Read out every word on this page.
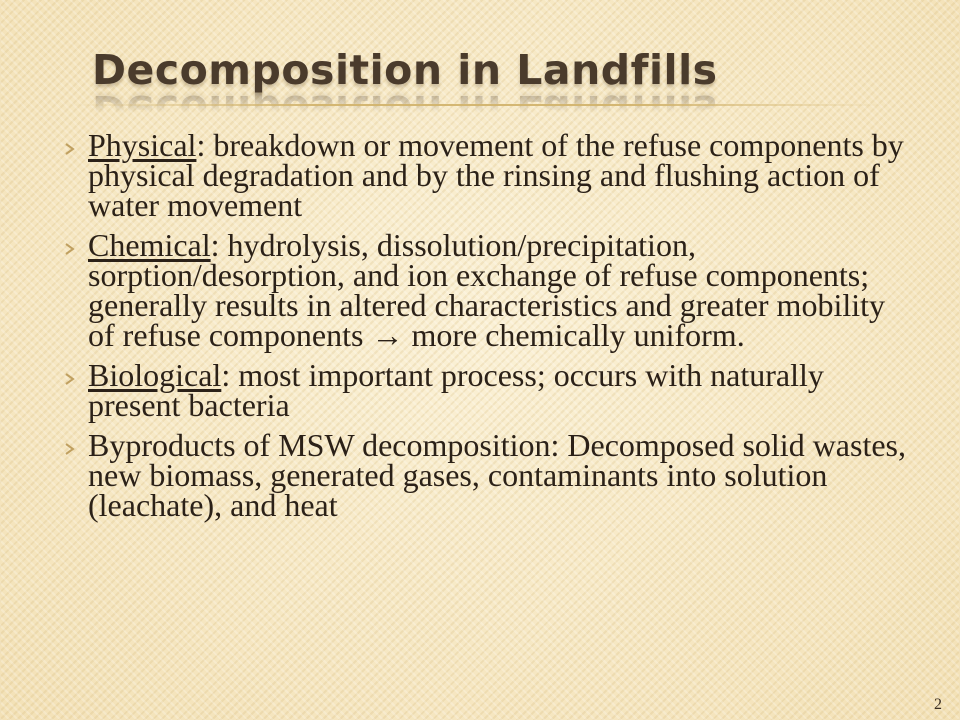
Decomposition in Landfills

Physical: breakdown or movement of the refuse components by physical degradation and by the rinsing and flushing action of water movement

Chemical: hydrolysis, dissolution/precipitation, sorption/desorption, and ion exchange of refuse components; generally results in altered characteristics and greater mobility of refuse components → more chemically uniform.

Biological: most important process; occurs with naturally present bacteria

Byproducts of MSW decomposition: Decomposed solid wastes, new biomass, generated gases, contaminants into solution (leachate), and heat

2
